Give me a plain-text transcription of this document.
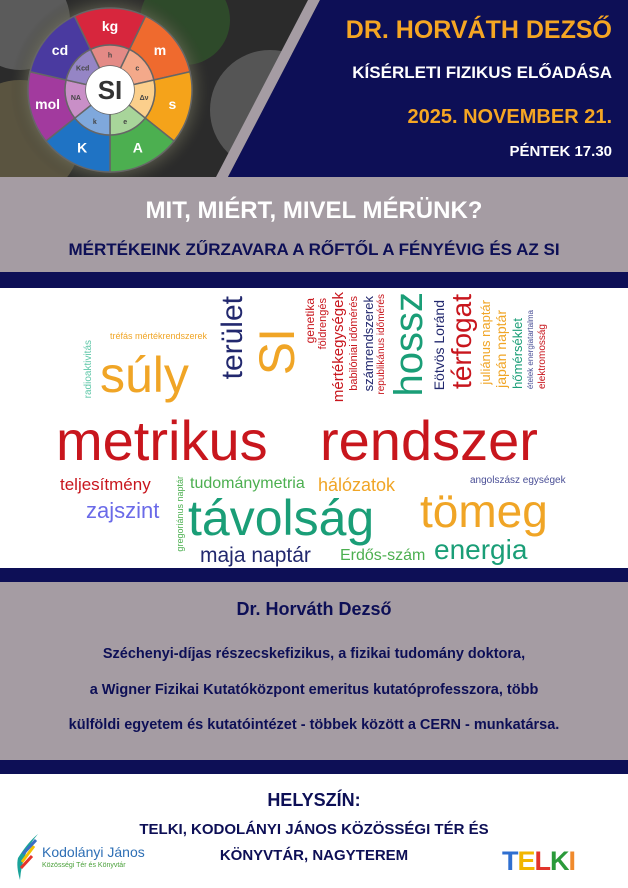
kg
h	m
c
s
Δν
A
e
K
k
mol NA
cd
Kcd
SI
DR. HORVÁTH DEZSŐ
KÍSÉRLETI FIZIKUS ELŐADÁSA
2025. NOVEMBER 21.
PÉNTEK 17.30
MIT, MIÉRT, MIVEL MÉRÜNK?
MÉRTÉKEINK ZŰRZAVARA A RŐFTŐL A FÉNYÉVIG ÉS AZ SI
metrikus rendszer
súly terület SI
genetika földrengés mértékegységek babilóniai időmérés számrendszerek republikánus időmérés hossz Eötvös Loránd térfogat juliánus naptár japán naptár hőmérséklet ételek energiatartalma elektromosság
tréfás mértékrendszerek
radioaktivitás
teljesítmény	gregoriánus naptár tudománymetria hálózatok	angolszász egységek
tömeg
zajszint távolság
energia
maja naptár Erdős-szám
Dr. Horváth Dezső
Széchenyi-díjas részecskefizikus, a fizikai tudomány doktora,
a Wigner Fizikai Kutatóközpont emeritus kutatóprofesszora, több
külföldi egyetem és kutatóintézet - többek között a CERN - munkatársa.
HELYSZÍN:
TELKI, KODOLÁNYI JÁNOS KÖZÖSSÉGI TÉR ÉS
KÖNYVTÁR, NAGYTEREM
Kodolányi János
Közösségi Tér és Könyvtár	TELKI
